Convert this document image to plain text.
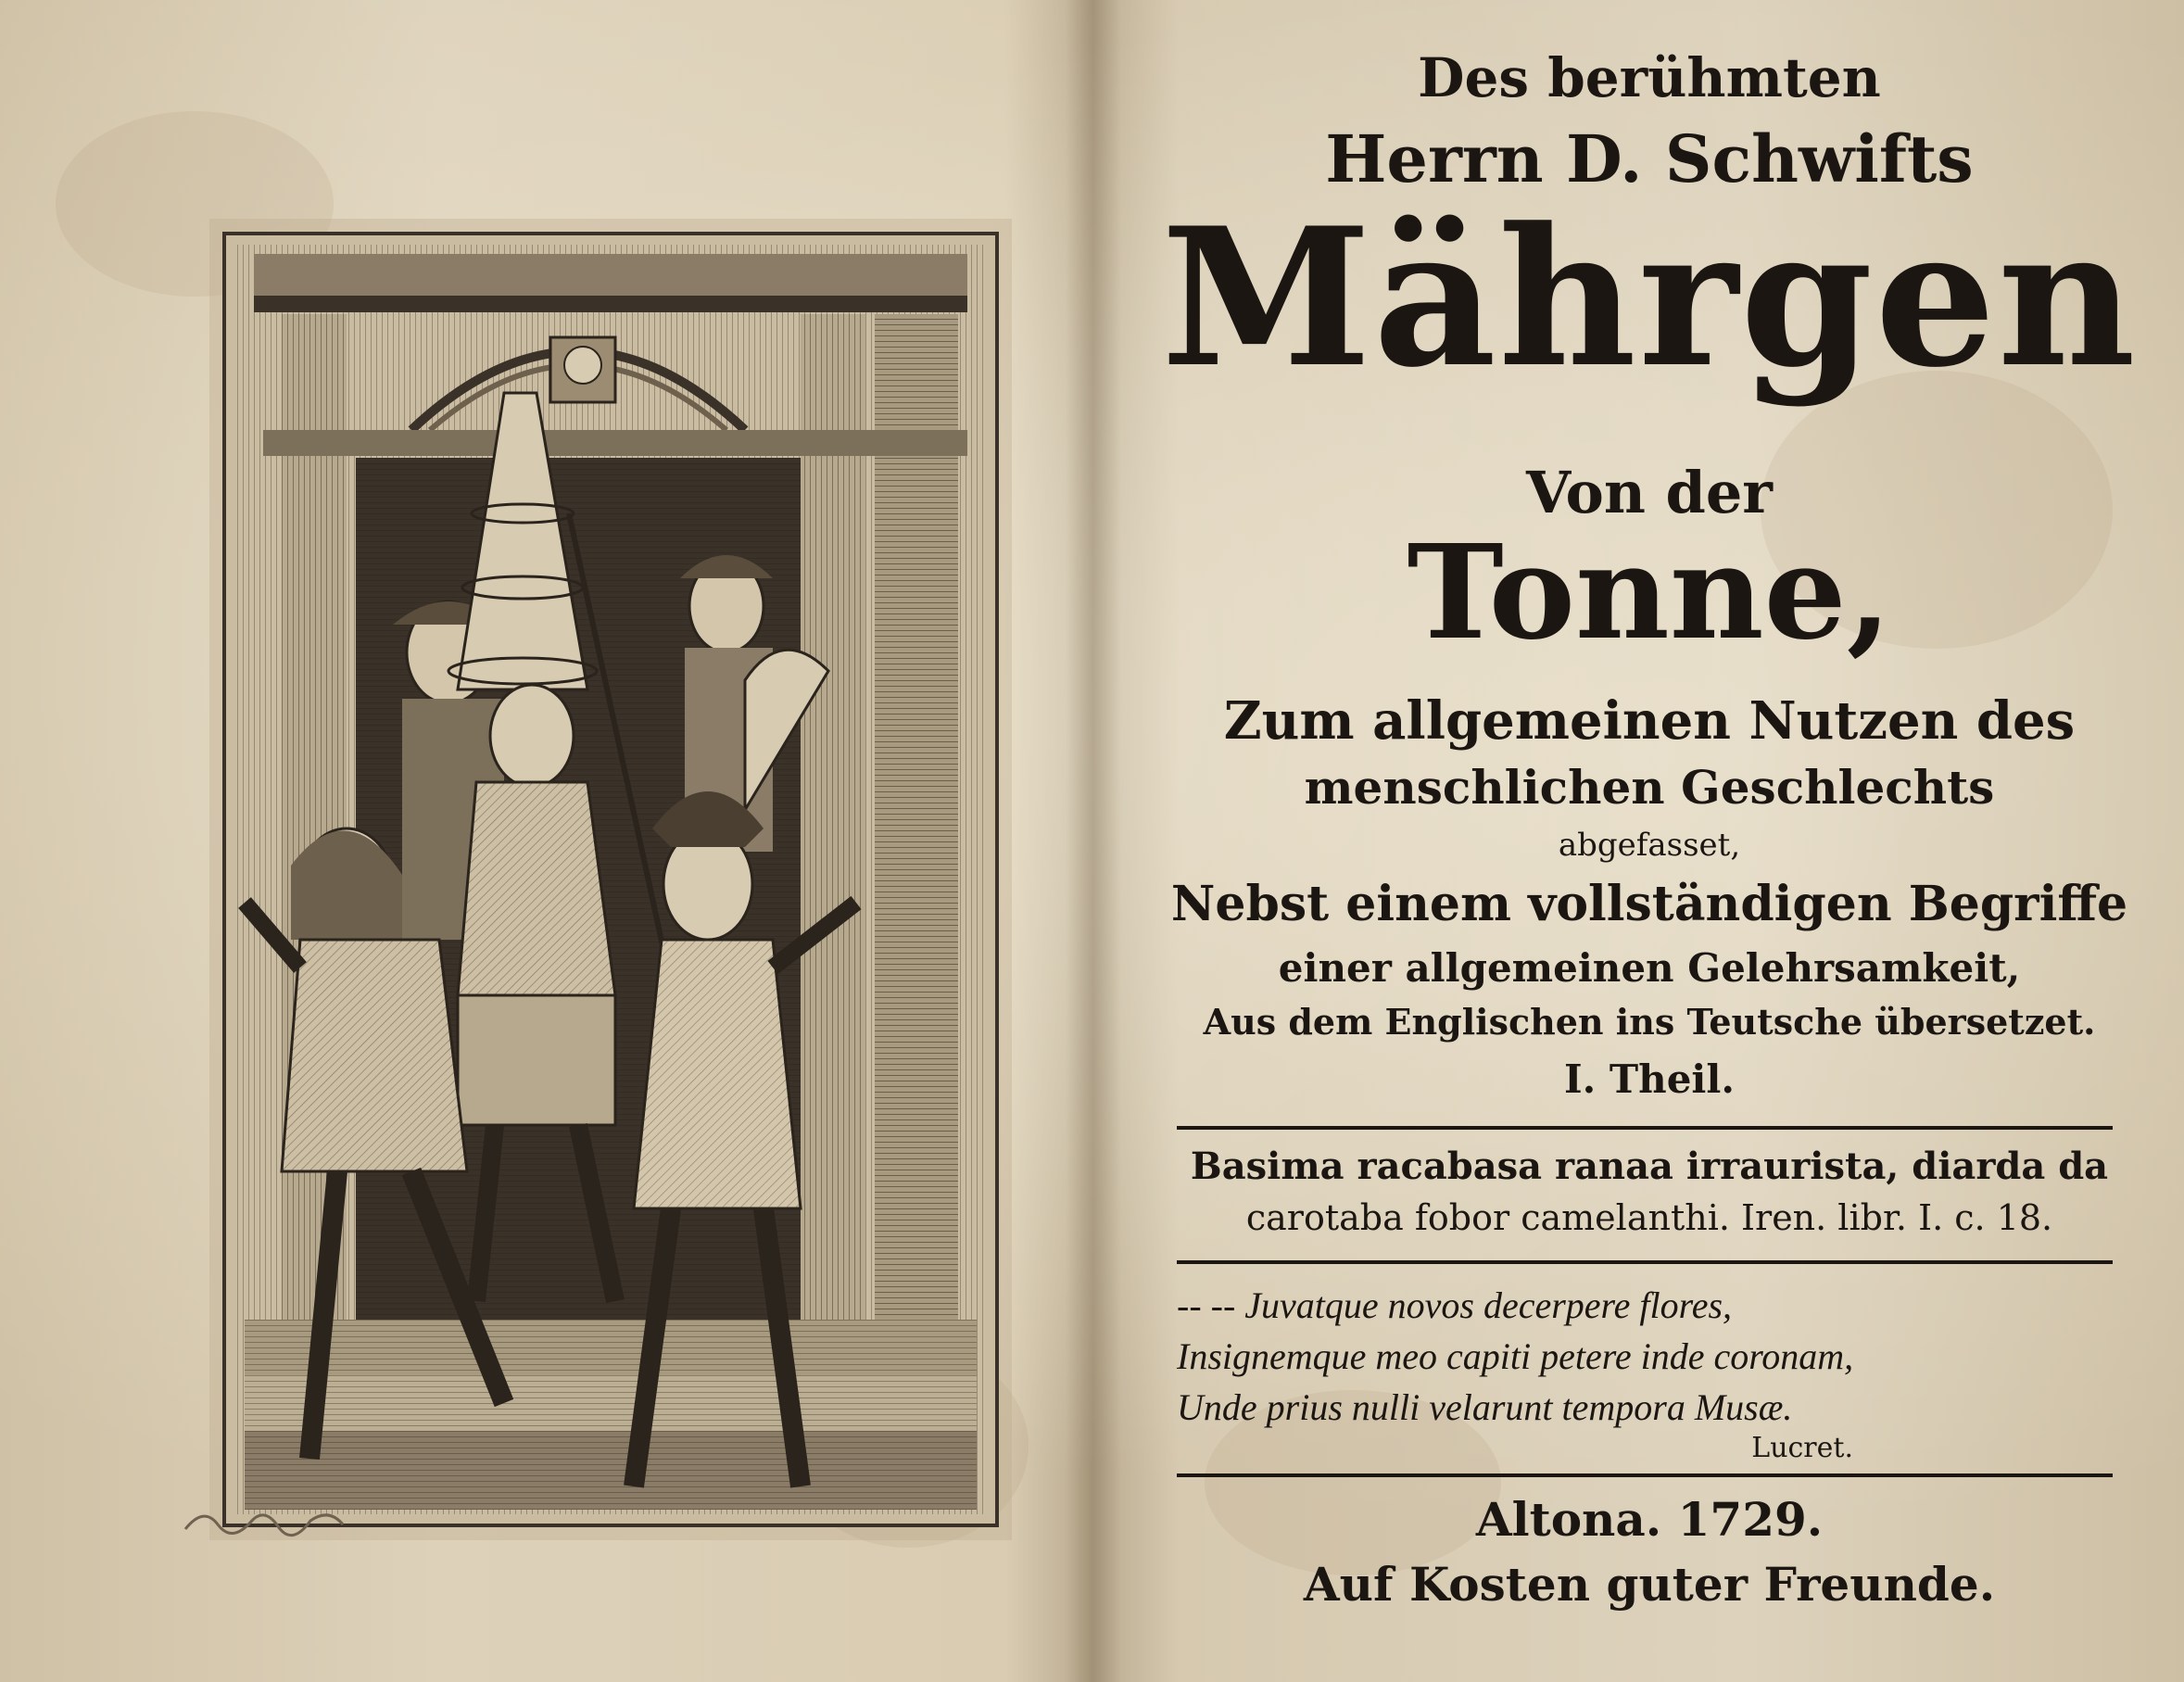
Des berühmten
Herrn D. Schwifts
Mährgen
Von der
Tonne,
Zum allgemeinen Nutzen des
menschlichen Geschlechts
abgefasset,
Nebst einem vollständigen Begriffe
einer allgemeinen Gelehrsamkeit,
Aus dem Englischen ins Teutsche übersetzet.
I. Theil.
Basima racabasa ranaa irraurista, diarda da
carotaba fobor camelanthi. Iren. libr. I. c. 18.
-- -- Juvatque novos decerpere flores,
Insignemque meo capiti petere inde coronam,
Unde prius nulli velarunt tempora Musæ.
Lucret.
Altona. 1729.
Auf Kosten guter Freunde.
